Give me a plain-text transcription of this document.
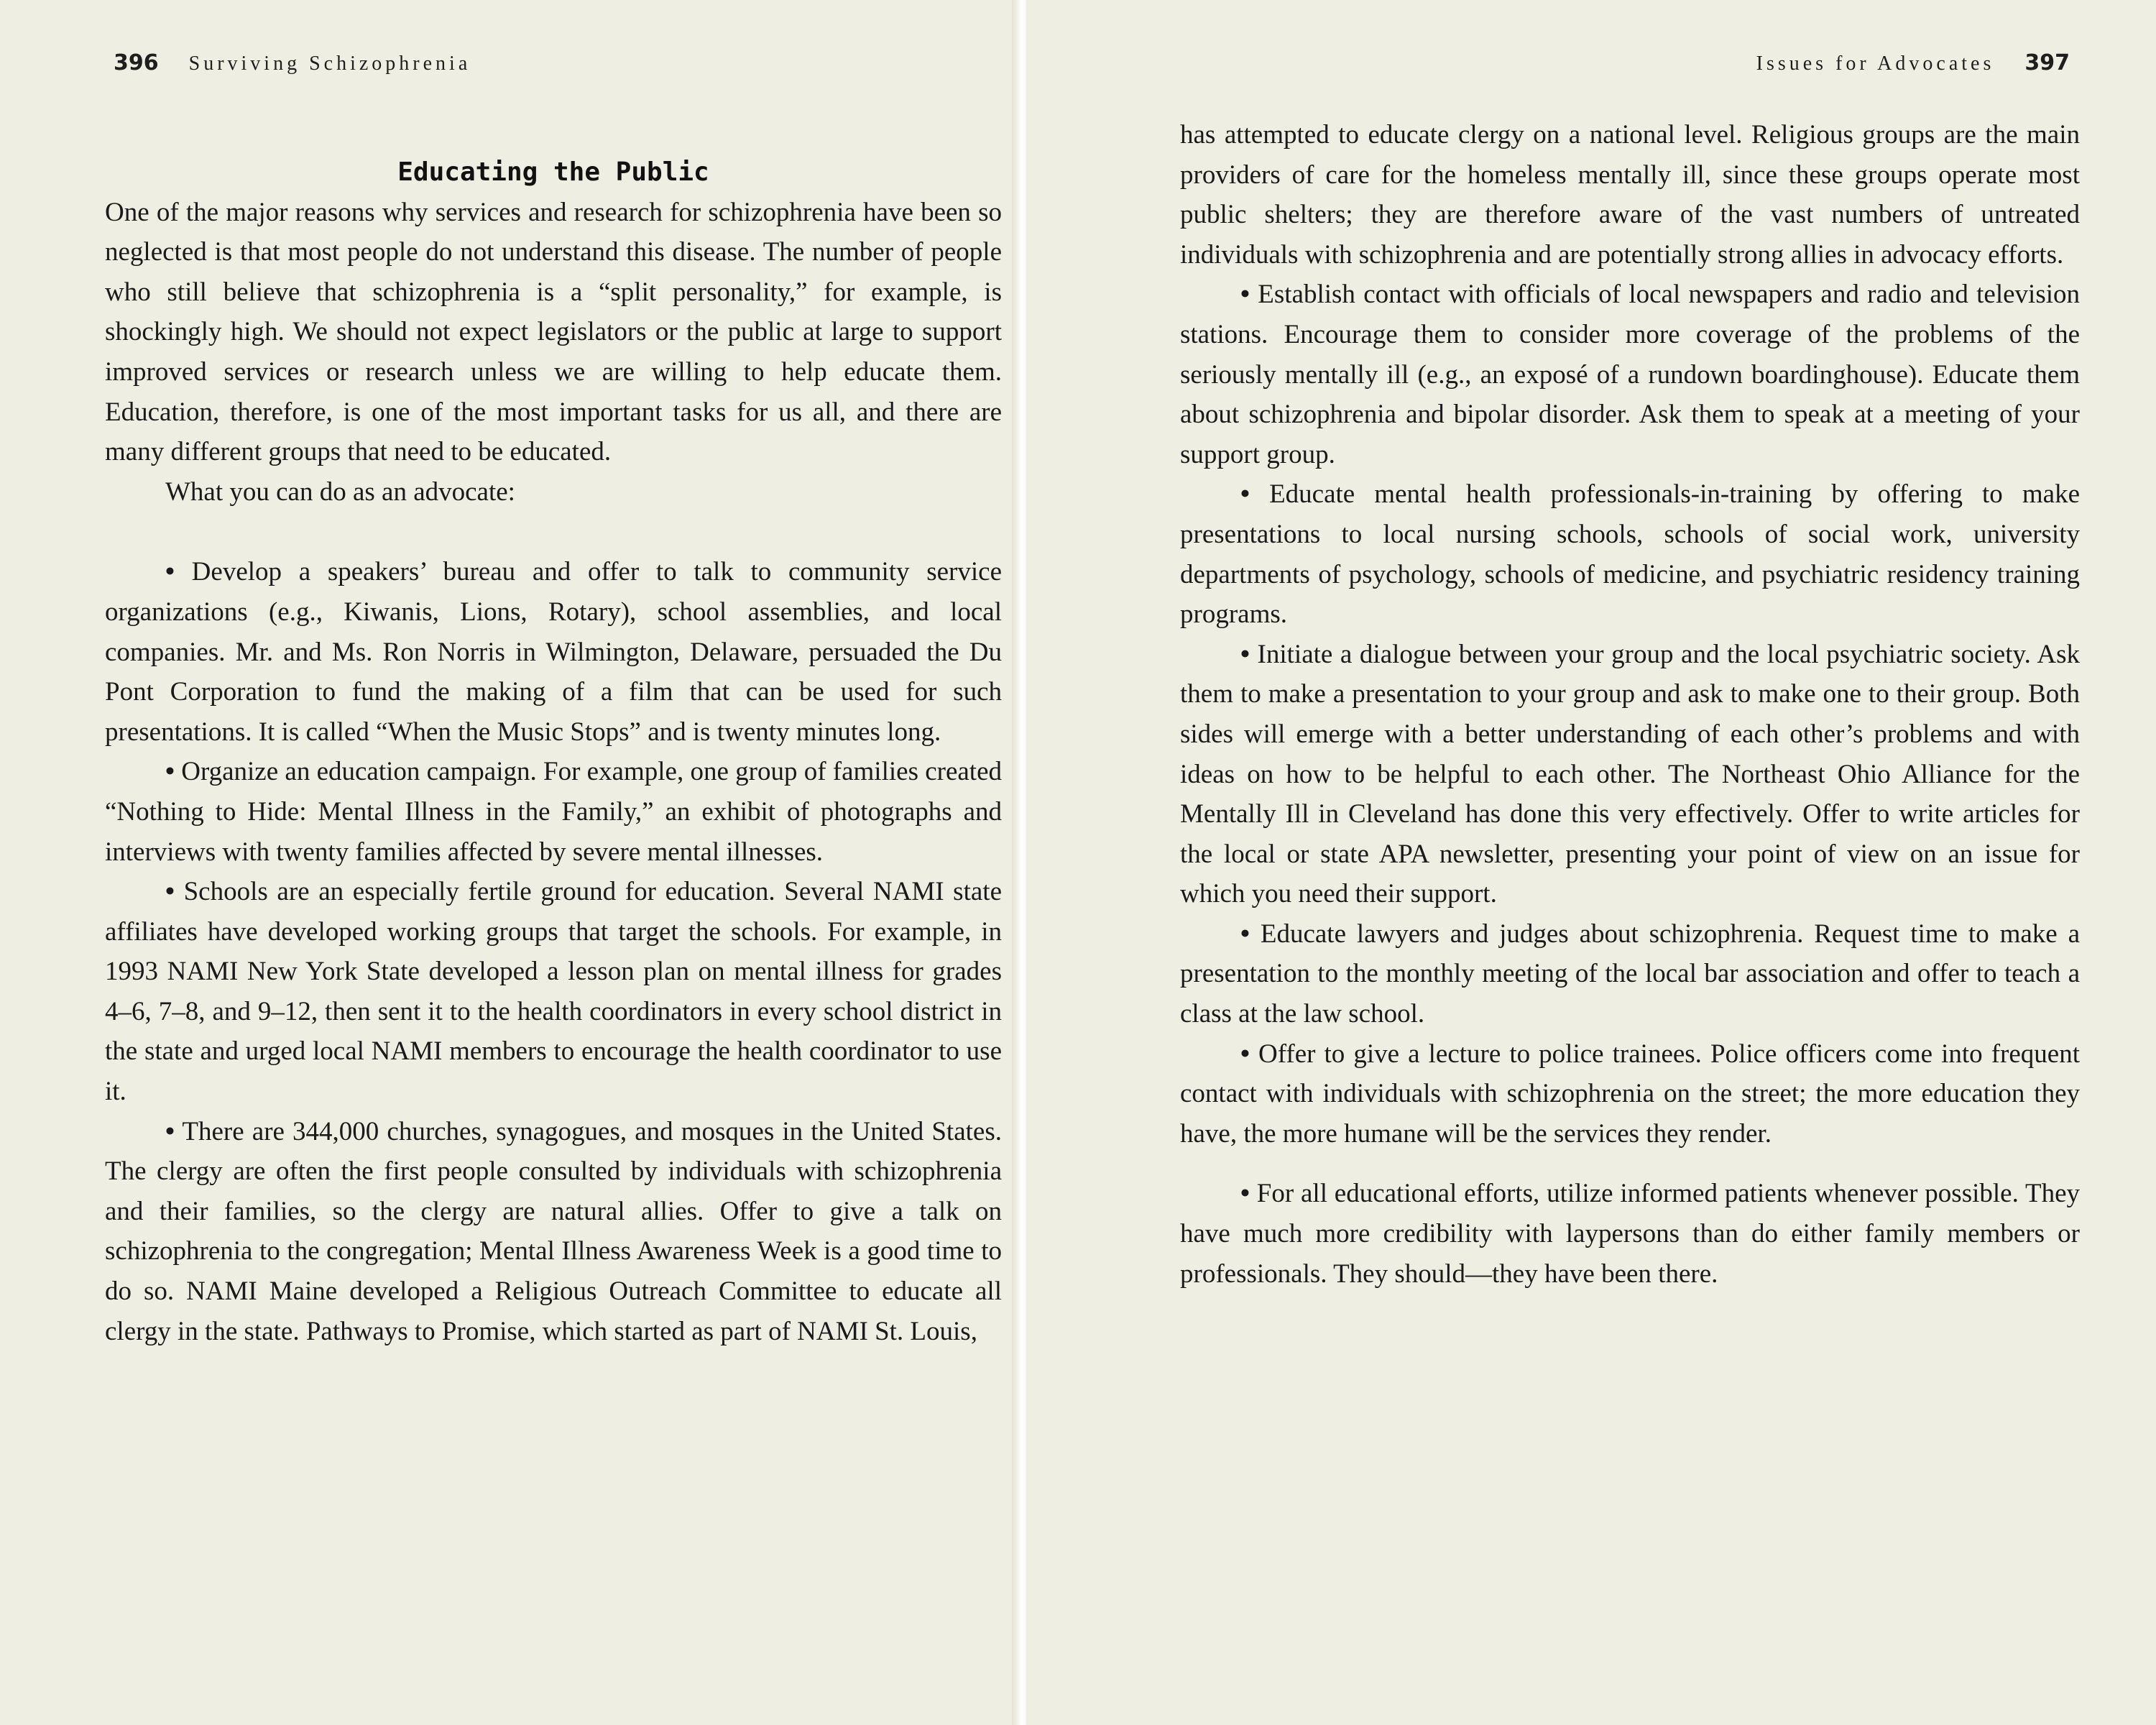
396 Surviving Schizophrenia
Educating the Public

One of the major reasons why services and research for schizophrenia have been so neglected is that most people do not understand this disease. The number of people who still believe that schizophrenia is a “split personality,” for example, is shockingly high. We should not expect legislators or the public at large to support improved services or research unless we are willing to help educate them. Education, therefore, is one of the most important tasks for us all, and there are many different groups that need to be educated.

What you can do as an advocate:

• Develop a speakers’ bureau and offer to talk to community service organizations (e.g., Kiwanis, Lions, Rotary), school assemblies, and local companies. Mr. and Ms. Ron Norris in Wilmington, Delaware, persuaded the Du Pont Corporation to fund the making of a film that can be used for such presentations. It is called “When the Music Stops” and is twenty minutes long.

• Organize an education campaign. For example, one group of families created “Nothing to Hide: Mental Illness in the Family,” an exhibit of photographs and interviews with twenty families affected by severe mental illnesses.

• Schools are an especially fertile ground for education. Several NAMI state affiliates have developed working groups that target the schools. For example, in 1993 NAMI New York State developed a lesson plan on mental illness for grades 4–6, 7–8, and 9–12, then sent it to the health coordinators in every school district in the state and urged local NAMI members to encourage the health coordinator to use it.

• There are 344,000 churches, synagogues, and mosques in the United States. The clergy are often the first people consulted by individuals with schizophrenia and their families, so the clergy are natural allies. Offer to give a talk on schizophrenia to the congregation; Mental Illness Awareness Week is a good time to do so. NAMI Maine developed a Religious Outreach Committee to educate all clergy in the state. Pathways to Promise, which started as part of NAMI St. Louis,

Issues for Advocates 397

has attempted to educate clergy on a national level. Religious groups are the main providers of care for the homeless mentally ill, since these groups operate most public shelters; they are therefore aware of the vast numbers of untreated individuals with schizophrenia and are potentially strong allies in advocacy efforts.

• Establish contact with officials of local newspapers and radio and television stations. Encourage them to consider more coverage of the problems of the seriously mentally ill (e.g., an exposé of a rundown boardinghouse). Educate them about schizophrenia and bipolar disorder. Ask them to speak at a meeting of your support group.

• Educate mental health professionals-in-training by offering to make presentations to local nursing schools, schools of social work, university departments of psychology, schools of medicine, and psychiatric residency training programs.

• Initiate a dialogue between your group and the local psychiatric society. Ask them to make a presentation to your group and ask to make one to their group. Both sides will emerge with a better understanding of each other’s problems and with ideas on how to be helpful to each other. The Northeast Ohio Alliance for the Mentally Ill in Cleveland has done this very effectively. Offer to write articles for the local or state APA newsletter, presenting your point of view on an issue for which you need their support.

• Educate lawyers and judges about schizophrenia. Request time to make a presentation to the monthly meeting of the local bar association and offer to teach a class at the law school.

• Offer to give a lecture to police trainees. Police officers come into frequent contact with individuals with schizophrenia on the street; the more education they have, the more humane will be the services they render.

• For all educational efforts, utilize informed patients whenever possible. They have much more credibility with laypersons than do either family members or professionals. They should—they have been there.
